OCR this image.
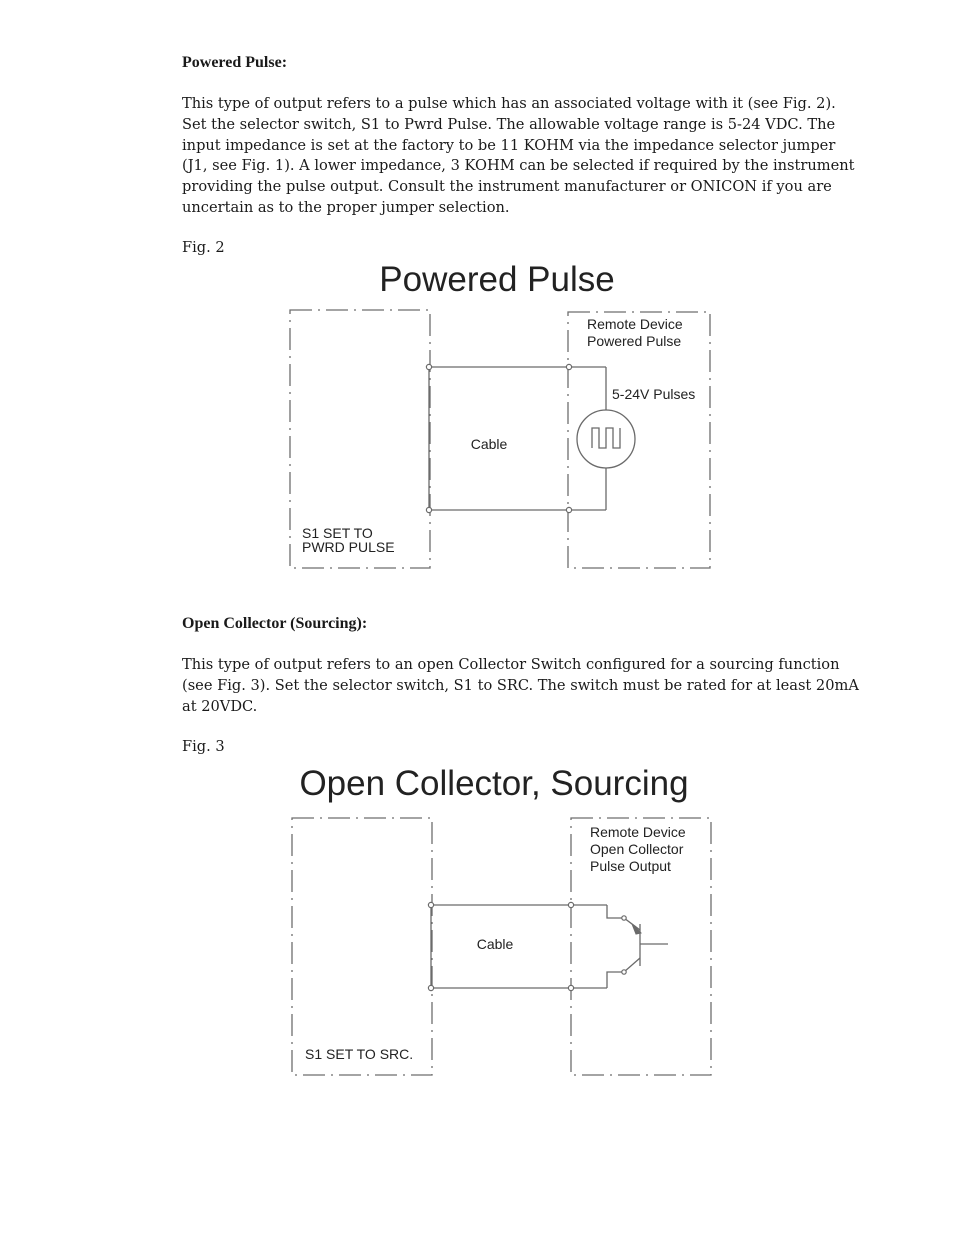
Powered Pulse:

This type of output refers to a pulse which has an associated voltage with it (see Fig. 2).
Set the selector switch, S1 to Pwrd Pulse. The allowable voltage range is 5-24 VDC. The
input impedance is set at the factory to be 11 KOHM via the impedance selector jumper
(J1, see Fig. 1). A lower impedance, 3 KOHM can be selected if required by the instrument
providing the pulse output. Consult the instrument manufacturer or ONICON if you are
uncertain as to the proper jumper selection.

Fig. 2

Powered Pulse
Remote Device
Powered Pulse
5-24V Pulses
Cable
S1 SET TO
PWRD PULSE

Open Collector (Sourcing):

This type of output refers to an open Collector Switch configured for a sourcing function
(see Fig. 3). Set the selector switch, S1 to SRC. The switch must be rated for at least 20mA
at 20VDC.

Fig. 3

Open Collector, Sourcing
Remote Device
Open Collector
Pulse Output
Cable
S1 SET TO SRC.
